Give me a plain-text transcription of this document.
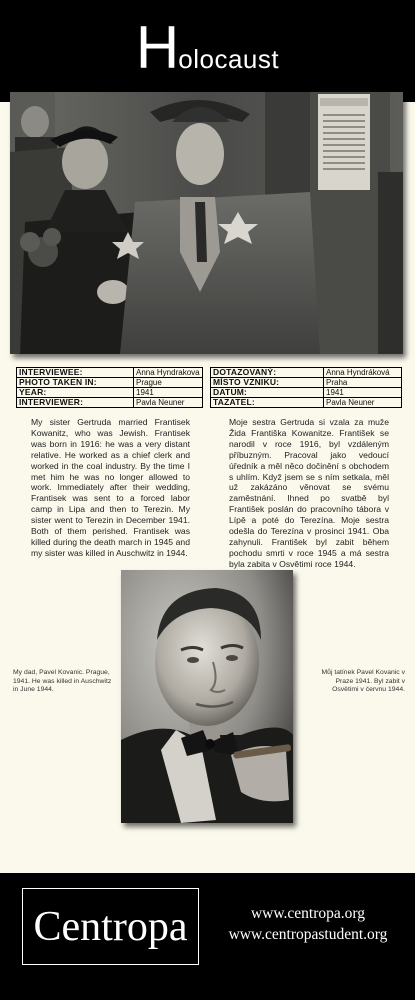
Holocaust
INTERVIEWEE:	Anna Hyndrakova
PHOTO TAKEN IN:	Prague
YEAR:	1941
INTERVIEWER:	Pavla Neuner
DOTAZOVANÝ:	Anna Hyndráková
MÍSTO VZNIKU:	Praha
DATUM:	1941
TAZATEL:	Pavla Neuner

My sister Gertruda married Frantisek Kowanitz, who was Jewish. Frantisek was born in 1916: he was a very distant relative. He worked as a chief clerk and worked in the coal industry. By the time I met him he was no longer allowed to work. Immediately after their wedding, Frantisek was sent to a forced labor camp in Lipa and then to Terezin. My sister went to Terezin in December 1941. Both of them perished. Frantisek was killed during the death march in 1945 and my sister was killed in Auschwitz in 1944.

Moje sestra Gertruda si vzala za muže Žida Františka Kowanitze. František se narodil v roce 1916, byl vzdáleným příbuzným. Pracoval jako vedoucí úředník a měl něco dočinění s obchodem s uhlím. Když jsem se s ním setkala, měl už zakázáno věnovat se svému zaměstnání. Ihned po svatbě byl František poslán do pracovního tábora v Lípě a poté do Terezína. Moje sestra odešla do Terezína v prosinci 1941. Oba zahynuli. František byl zabit během pochodu smrti v roce 1945 a má sestra byla zabita v Osvětimi roce 1944.

My dad, Pavel Kovanic. Prague, 1941. He was killed in Auschwitz in June 1944.

Můj tatínek Pavel Kovanic v Praze 1941. Byl zabit v Osvětimi v červnu 1944.

Centropa	www.centropa.org
www.centropastudent.org
